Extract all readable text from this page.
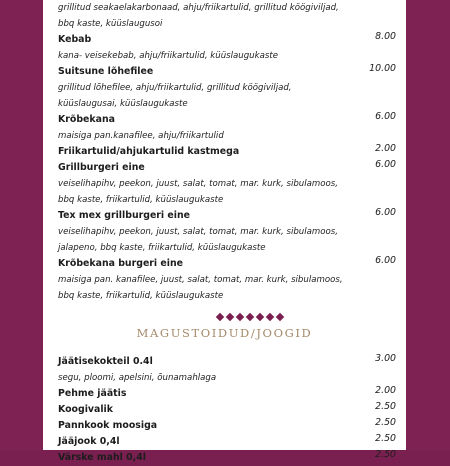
grillitud seakaelakarbonaad, ahju/friikartulid, grillitud köögiviljad,
bbq kaste, küüslaugusoi
Kebab	8.00
kana- veisekebab, ahju/friikartulid, küüslaugukaste
Suitsune lõhefilee	10.00
grillitud lõhefilee, ahju/friikartulid, grillitud köögiviljad,
küüslaugusai, küüslaugukaste
Krõbekana	6.00
maisiga pan.kanafilee, ahju/friikartulid
Friikartulid/ahjukartulid kastmega	2.00
Grillburgeri eine	6.00
veiselihapihv, peekon, juust, salat, tomat, mar. kurk, sibulamoos,
bbq kaste, friikartulid, küüslaugukaste
Tex mex grillburgeri eine	6.00
veiselihapihv, peekon, juust, salat, tomat, mar. kurk, sibulamoos,
jalapeno, bbq kaste, friikartulid, küüslaugukaste
Krõbekana burgeri eine	6.00
maisiga pan. kanafilee, juust, salat, tomat, mar. kurk, sibulamoos,
bbq kaste, friikartulid, küüslaugukaste
MAGUSTOIDUD/JOOGID
Jäätisekokteil 0.4l	3.00
segu, ploomi, apelsini, õunamahlaga
Pehme jäätis	2.00
Koogivalik	2.50
Pannkook moosiga	2.50
Jääjook 0,4l	2.50
Värske mahl 0,4l	2.50
